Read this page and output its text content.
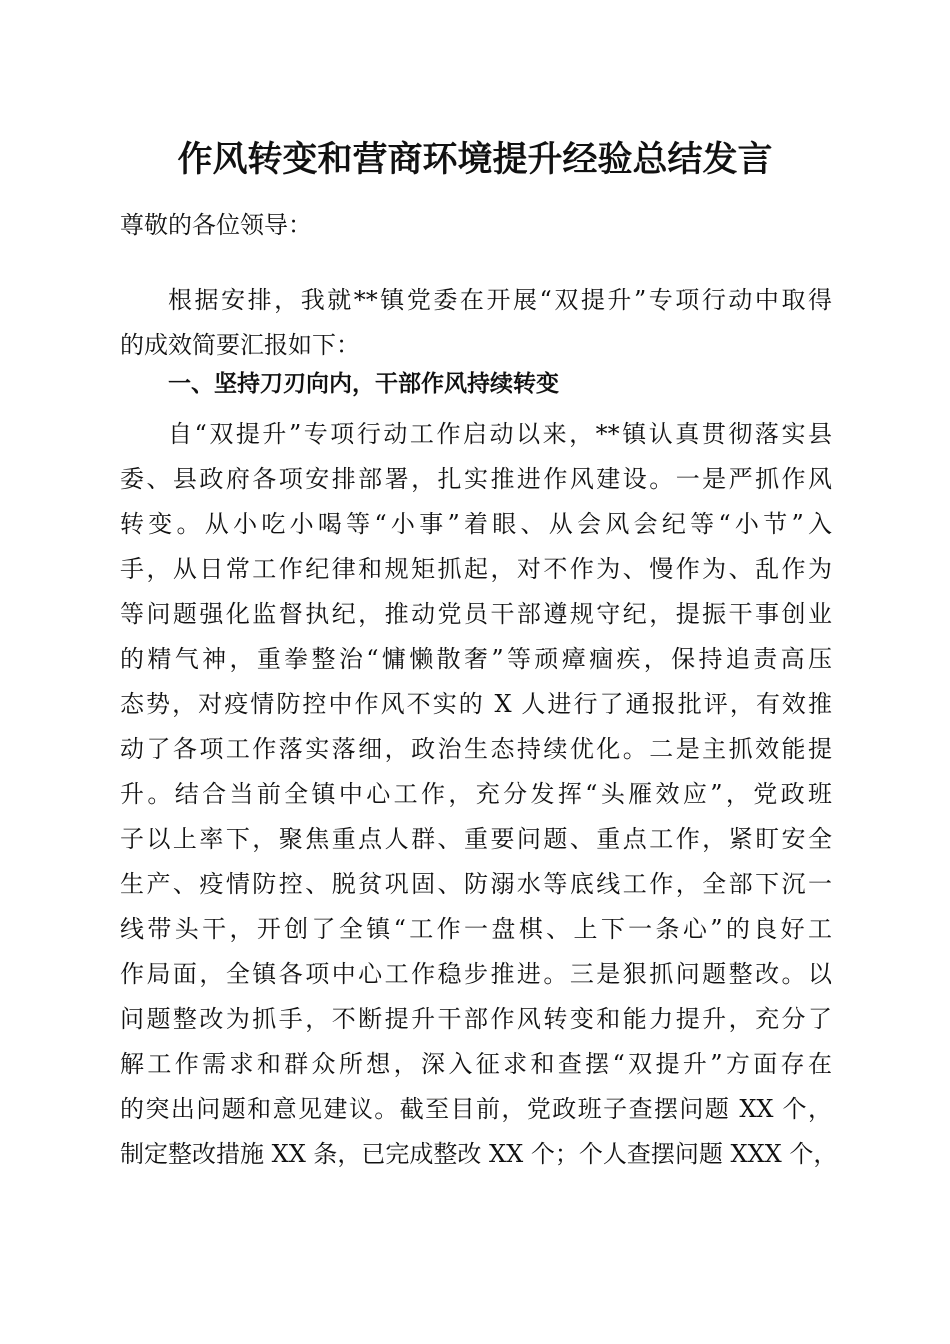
作风转变和营商环境提升经验总结发言
尊敬的各位领导：
根据安排，我就**镇党委在开展“双提升”专项行动中取得
的成效简要汇报如下：
一、坚持刀刃向内，干部作风持续转变
自“双提升”专项行动工作启动以来，**镇认真贯彻落实县
委、县政府各项安排部署，扎实推进作风建设。一是严抓作风
转变。从小吃小喝等“小事”着眼、从会风会纪等“小节”入
手，从日常工作纪律和规矩抓起，对不作为、慢作为、乱作为
等问题强化监督执纪，推动党员干部遵规守纪，提振干事创业
的精气神，重拳整治“慵懒散奢”等顽瘴痼疾，保持追责高压
态势，对疫情防控中作风不实的 X 人进行了通报批评，有效推
动了各项工作落实落细，政治生态持续优化。二是主抓效能提
升。结合当前全镇中心工作，充分发挥“头雁效应”，党政班
子以上率下，聚焦重点人群、重要问题、重点工作，紧盯安全
生产、疫情防控、脱贫巩固、防溺水等底线工作，全部下沉一
线带头干，开创了全镇“工作一盘棋、上下一条心”的良好工
作局面，全镇各项中心工作稳步推进。三是狠抓问题整改。以
问题整改为抓手，不断提升干部作风转变和能力提升，充分了
解工作需求和群众所想，深入征求和查摆“双提升”方面存在
的突出问题和意见建议。截至目前，党政班子查摆问题 XX 个，
制定整改措施 XX 条，已完成整改 XX 个；个人查摆问题 XXX 个，
